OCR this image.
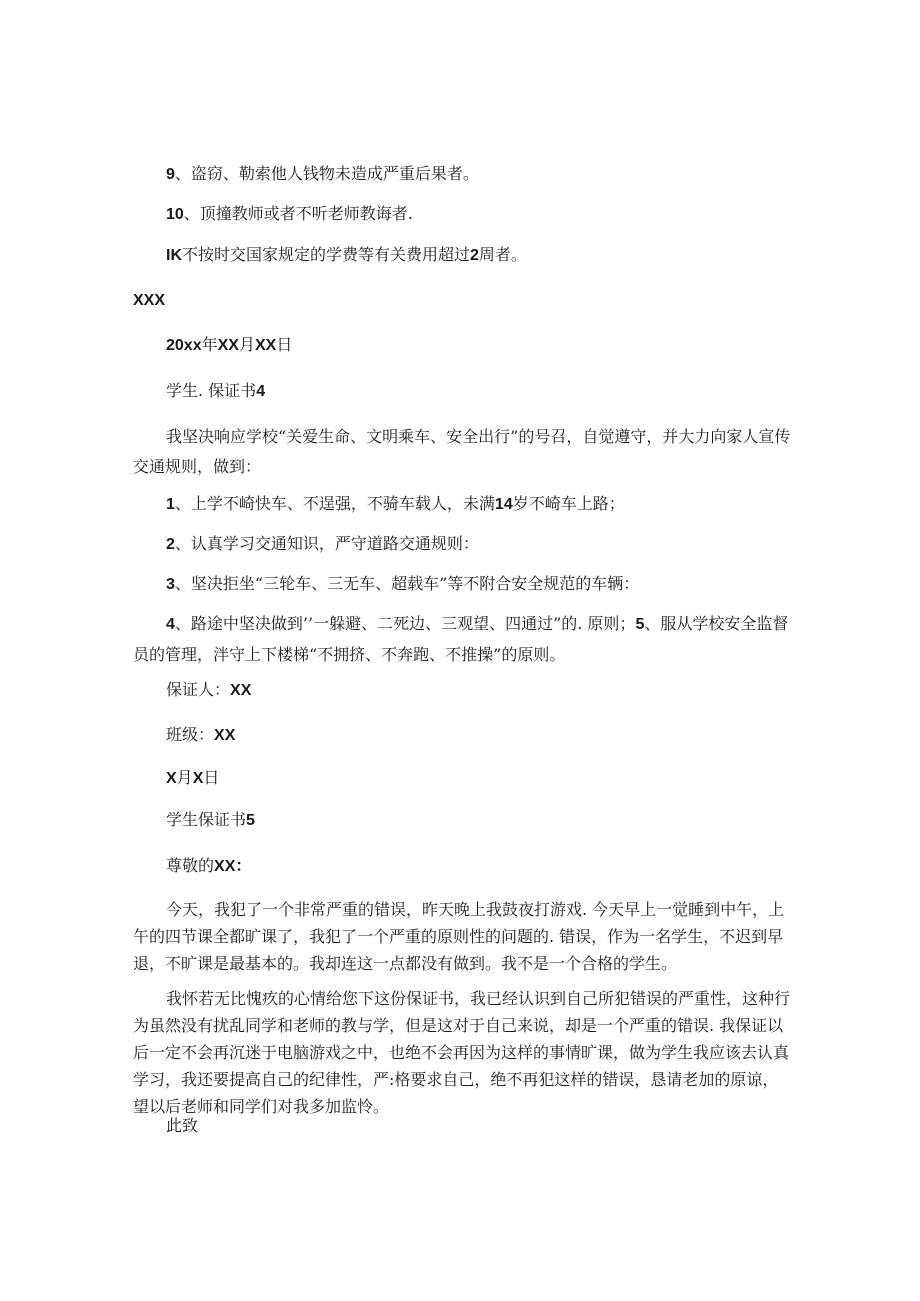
9、盗窃、勒索他人钱物未造成严重后果者。
10、顶撞教师或者不听老师教诲者.
IK不按时交国家规定的学费等有关费用超过2周者。
XXX
20xx年XX月XX日
学生. 保证书4
我坚决响应学校“关爱生命、文明乘车、安全出行”的号召，自觉遵守，并大力向家人宣传交通规则，做到：
1、上学不崎快车、不逞强，不骑车载人，未满14岁不崎车上路；
2、认真学习交通知识，严守道路交通规则：
3、坚决拒坐“三轮车、三无车、超载车”等不附合安全规范的车辆：
4、路途中坚决做到’’一躲避、二死边、三观望、四通过”的. 原则；5、服从学校安全监督员的管理，泮守上下楼梯“不拥挤、不奔跑、不推操”的原则。
保证人：XX
班级：XX
X月X日
学生保证书5
尊敬的XX：
今天，我犯了一个非常严重的错误，昨天晚上我鼓夜打游戏. 今天早上一觉睡到中午，上午的四节课全都旷课了，我犯了一个严重的原则性的问题的. 错误，作为一名学生，不迟到早退，不旷课是最基本的。我却连这一点都没有做到。我不是一个合格的学生。
我怀若无比愧疚的心情给您下这份保证书，我已经认识到自己所犯错误的严重性，这种行为虽然没有扰乱同学和老师的教与学，但是这对于自己来说，却是一个严重的错误. 我保证以后一定不会再沉迷于电脑游戏之中，也绝不会再因为这样的事情旷课，做为学生我应该去认真学习，我还要提高自己的纪律性，严:格要求自己，绝不再犯这样的错误，恳请老加的原谅，望以后老师和同学们对我多加监怜。
此致
